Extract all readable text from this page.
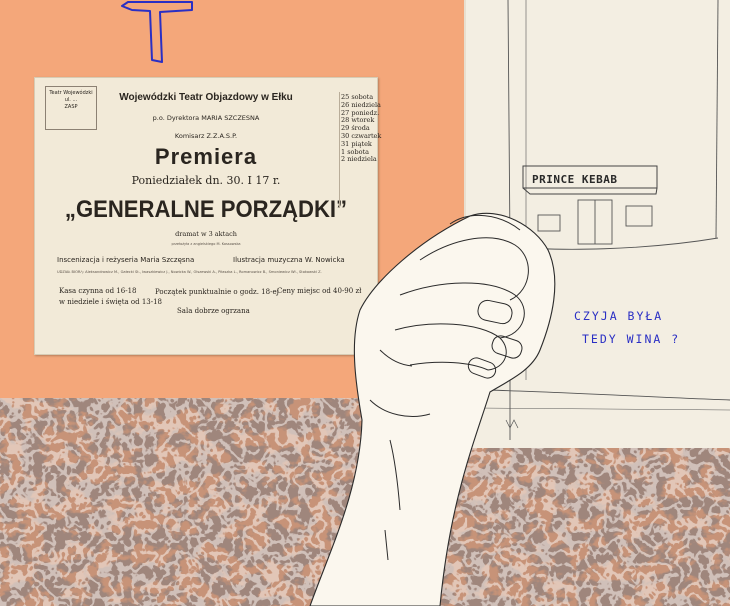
PRINCE KEBAB
CZYJA BYŁA
TEDY WINA ?
Teatr Wojewódzki
ul. ...
ZASP
Wojewódzki Teatr Objazdowy w Ełku
p.o. Dyrektora MARIA SZCZESNA
Komisarz Z.Z.A.S.P.
Premiera
Poniedziałek dn. 30. I 17 r.
„GENERALNE PORZĄDKI”
dramat w 3 aktach
przełożyła z angielskiego M. Kossowska
Inscenizacja i reżyseria Maria Szczęsna	Ilustracja muzyczna W. Nowicka
UDZIAŁ BIORĄ: Aleksandrowicz M., Gałecki St., Iwaszkiewicz J., Nowicka W., Olszewski A., Piłaszka L., Romanowicz B., Smoniewicz Wł., Stokowski Z.
Kasa czynna od 16-18
w niedziele i święta od 13-18
Początek punktualnie o godz. 18-ej
Sala dobrze ogrzana
Ceny miejsc od 40-90 zł
25 sobota
26 niedziela
27 poniedz.
28 wtorek
29 środa
30 czwartek
31 piątek
1 sobota
2 niedziela
